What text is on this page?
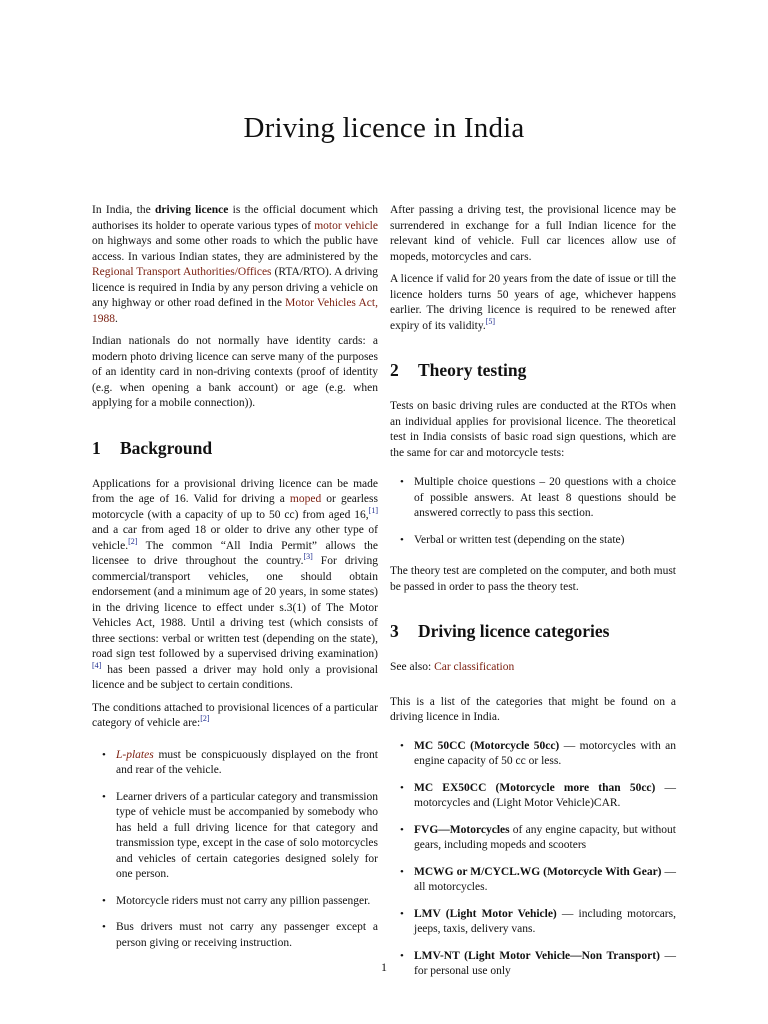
Driving licence in India

In India, the driving licence is the official document which authorises its holder to operate various types of motor vehicle on highways and some other roads to which the public have access. In various Indian states, they are administered by the Regional Transport Authorities/Offices (RTA/RTO). A driving licence is required in India by any person driving a vehicle on any highway or other road defined in the Motor Vehicles Act, 1988.

Indian nationals do not normally have identity cards: a modern photo driving licence can serve many of the purposes of an identity card in non-driving contexts (proof of identity (e.g. when opening a bank account) or age (e.g. when applying for a mobile connection)).

1 Background

Applications for a provisional driving licence can be made from the age of 16. Valid for driving a moped or gearless motorcycle (with a capacity of up to 50 cc) from aged 16,[1] and a car from aged 18 or older to drive any other type of vehicle.[2] The common “All India Permit” allows the licensee to drive throughout the country.[3] For driving commercial/transport vehicles, one should obtain endorsement (and a minimum age of 20 years, in some states) in the driving licence to effect under s.3(1) of The Motor Vehicles Act, 1988. Until a driving test (which consists of three sections: verbal or written test (depending on the state), road sign test followed by a supervised driving examination)[4] has been passed a driver may hold only a provisional licence and be subject to certain conditions.

The conditions attached to provisional licences of a particular category of vehicle are:[2]

• L-plates must be conspicuously displayed on the front and rear of the vehicle.
• Learner drivers of a particular category and transmission type of vehicle must be accompanied by somebody who has held a full driving licence for that category and transmission type, except in the case of solo motorcycles and vehicles of certain categories designed solely for one person.
• Motorcycle riders must not carry any pillion passenger.
• Bus drivers must not carry any passenger except a person giving or receiving instruction.

After passing a driving test, the provisional licence may be surrendered in exchange for a full Indian licence for the relevant kind of vehicle. Full car licences allow use of mopeds, motorcycles and cars.

A licence if valid for 20 years from the date of issue or till the licence holders turns 50 years of age, whichever happens earlier. The driving licence is required to be renewed after expiry of its validity.[5]

2 Theory testing

Tests on basic driving rules are conducted at the RTOs when an individual applies for provisional licence. The theoretical test in India consists of basic road sign questions, which are the same for car and motorcycle tests:

• Multiple choice questions – 20 questions with a choice of possible answers. At least 8 questions should be answered correctly to pass this section.
• Verbal or written test (depending on the state)

The theory test are completed on the computer, and both must be passed in order to pass the theory test.

3 Driving licence categories

See also: Car classification

This is a list of the categories that might be found on a driving licence in India.

• MC 50CC (Motorcycle 50cc) — motorcycles with an engine capacity of 50 cc or less.
• MC EX50CC (Motorcycle more than 50cc) — motorcycles and (Light Motor Vehicle)CAR.
• FVG—Motorcycles of any engine capacity, but without gears, including mopeds and scooters
• MCWG or M/CYCL.WG (Motorcycle With Gear) — all motorcycles.
• LMV (Light Motor Vehicle) — including motorcars, jeeps, taxis, delivery vans.
• LMV-NT (Light Motor Vehicle—Non Transport) — for personal use only
1
